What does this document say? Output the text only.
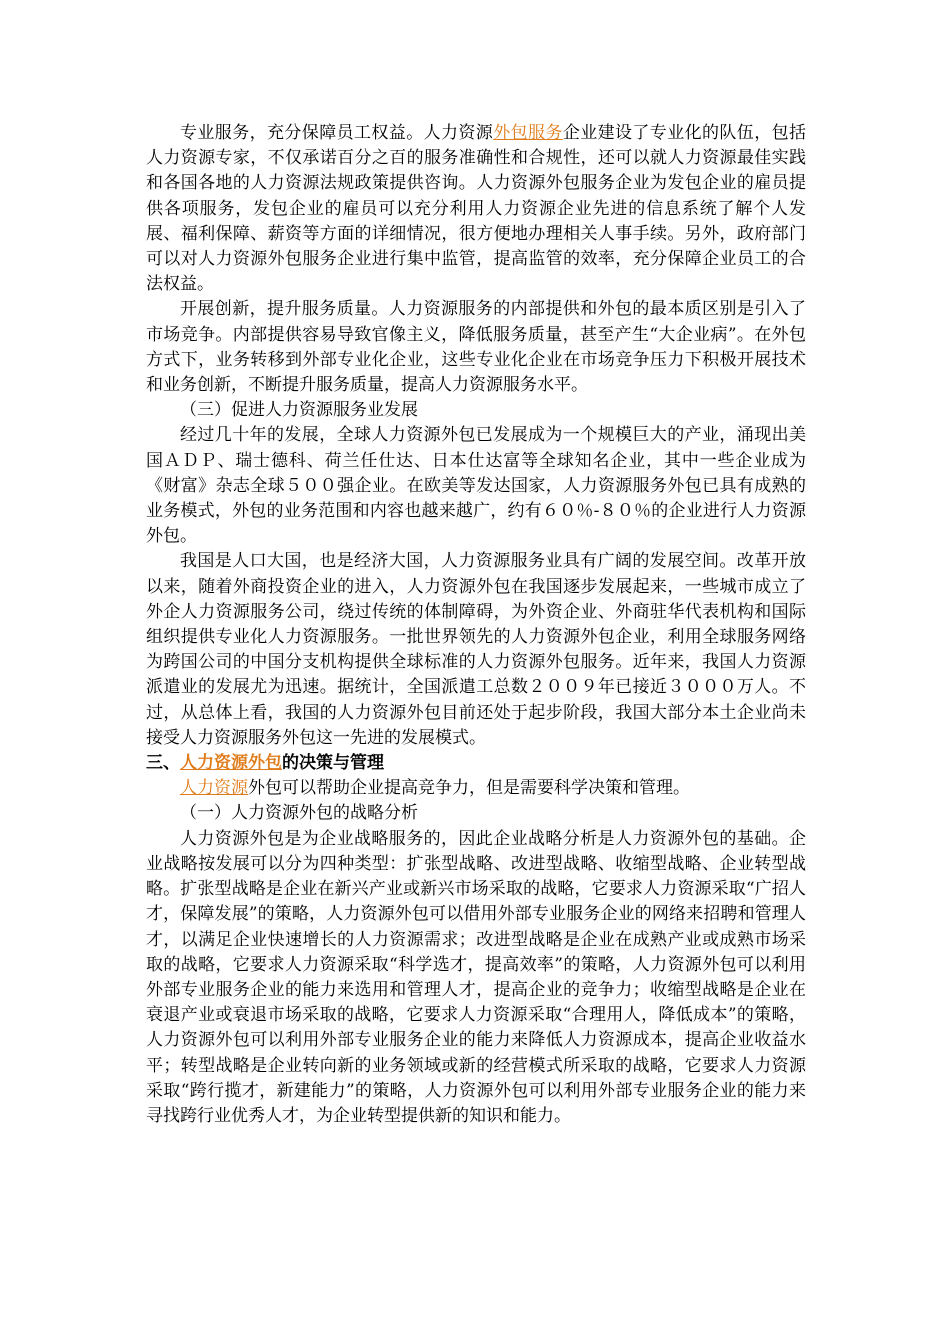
专业服务，充分保障员工权益。人力资源外包服务企业建设了专业化的队伍，包括人力资源专家，不仅承诺百分之百的服务准确性和合规性，还可以就人力资源最佳实践和各国各地的人力资源法规政策提供咨询。人力资源外包服务企业为发包企业的雇员提供各项服务，发包企业的雇员可以充分利用人力资源企业先进的信息系统了解个人发展、福利保障、薪资等方面的详细情况，很方便地办理相关人事手续。另外，政府部门可以对人力资源外包服务企业进行集中监管，提高监管的效率，充分保障企业员工的合法权益。

开展创新，提升服务质量。人力资源服务的内部提供和外包的最本质区别是引入了市场竞争。内部提供容易导致官像主义，降低服务质量，甚至产生“大企业病”。在外包方式下，业务转移到外部专业化企业，这些专业化企业在市场竞争压力下积极开展技术和业务创新，不断提升服务质量，提高人力资源服务水平。

（三）促进人力资源服务业发展

经过几十年的发展，全球人力资源外包已发展成为一个规模巨大的产业，涌现出美国ＡＤＰ、瑞士德科、荷兰任仕达、日本仕达富等全球知名企业，其中一些企业成为《财富》杂志全球５００强企业。在欧美等发达国家，人力资源服务外包已具有成熟的业务模式，外包的业务范围和内容也越来越广，约有６０％-８０％的企业进行人力资源外包。

我国是人口大国，也是经济大国，人力资源服务业具有广阔的发展空间。改革开放以来，随着外商投资企业的进入，人力资源外包在我国逐步发展起来，一些城市成立了外企人力资源服务公司，绕过传统的体制障碍，为外资企业、外商驻华代表机构和国际组织提供专业化人力资源服务。一批世界领先的人力资源外包企业，利用全球服务网络为跨国公司的中国分支机构提供全球标准的人力资源外包服务。近年来，我国人力资源派遣业的发展尤为迅速。据统计，全国派遣工总数２００９年已接近３０００万人。不过，从总体上看，我国的人力资源外包目前还处于起步阶段，我国大部分本土企业尚未接受人力资源服务外包这一先进的发展模式。

三、人力资源外包的决策与管理

人力资源外包可以帮助企业提高竞争力，但是需要科学决策和管理。

（一）人力资源外包的战略分析

人力资源外包是为企业战略服务的，因此企业战略分析是人力资源外包的基础。企业战略按发展可以分为四种类型：扩张型战略、改进型战略、收缩型战略、企业转型战略。扩张型战略是企业在新兴产业或新兴市场采取的战略，它要求人力资源采取“广招人才，保障发展”的策略，人力资源外包可以借用外部专业服务企业的网络来招聘和管理人才，以满足企业快速增长的人力资源需求；改进型战略是企业在成熟产业或成熟市场采取的战略，它要求人力资源采取“科学选才，提高效率”的策略，人力资源外包可以利用外部专业服务企业的能力来选用和管理人才，提高企业的竞争力；收缩型战略是企业在衰退产业或衰退市场采取的战略，它要求人力资源采取“合理用人，降低成本”的策略，人力资源外包可以利用外部专业服务企业的能力来降低人力资源成本，提高企业收益水平；转型战略是企业转向新的业务领域或新的经营模式所采取的战略，它要求人力资源采取“跨行揽才，新建能力”的策略，人力资源外包可以利用外部专业服务企业的能力来寻找跨行业优秀人才，为企业转型提供新的知识和能力。
